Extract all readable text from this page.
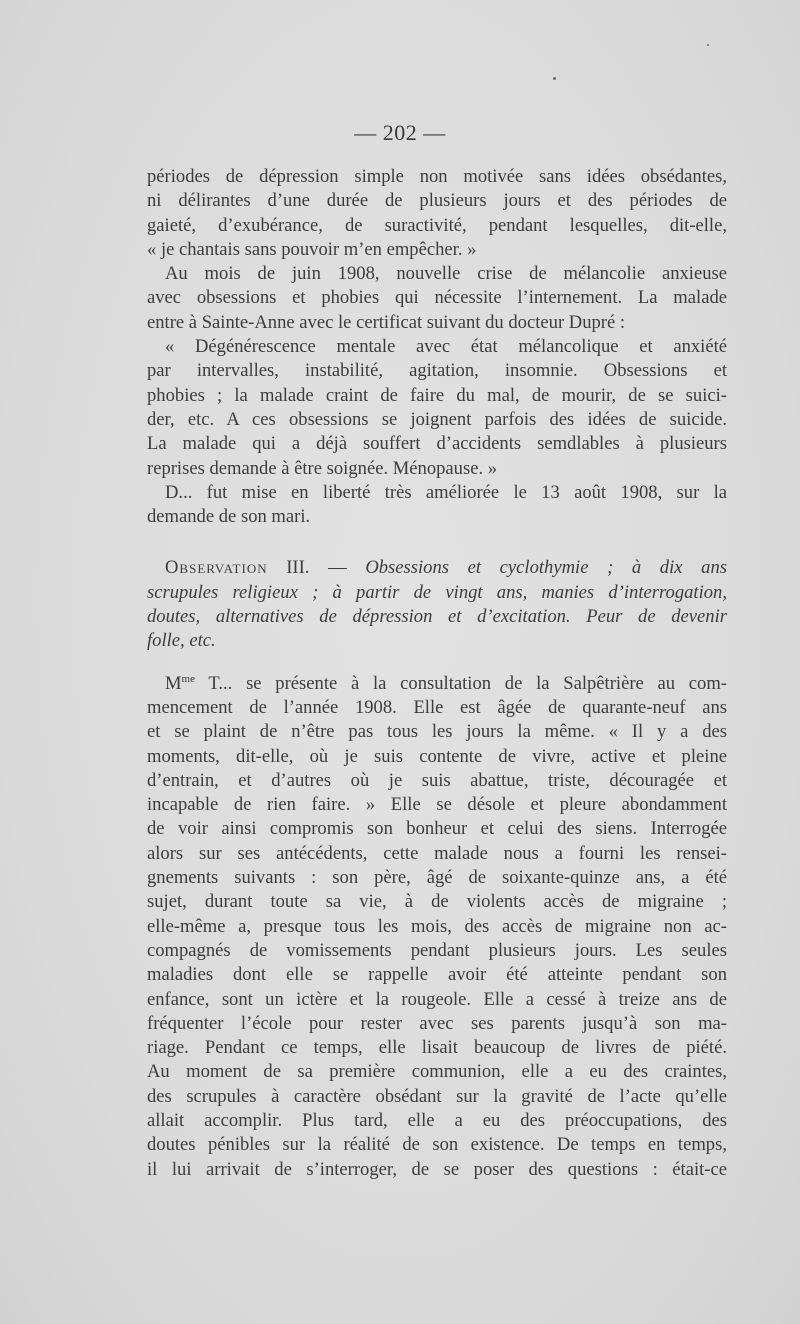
— 202 —
périodes de dépression simple non motivée sans idées obsédantes,
ni délirantes d’une durée de plusieurs jours et des périodes de
gaieté, d’exubérance, de suractivité, pendant lesquelles, dit-elle,
« je chantais sans pouvoir m’en empêcher. »
Au mois de juin 1908, nouvelle crise de mélancolie anxieuse
avec obsessions et phobies qui nécessite l’internement. La malade
entre à Sainte-Anne avec le certificat suivant du docteur Dupré :
« Dégénérescence mentale avec état mélancolique et anxiété
par intervalles, instabilité, agitation, insomnie. Obsessions et
phobies ; la malade craint de faire du mal, de mourir, de se suici-
der, etc. A ces obsessions se joignent parfois des idées de suicide.
La malade qui a déjà souffert d’accidents semdlables à plusieurs
reprises demande à être soignée. Ménopause. »
D... fut mise en liberté très améliorée le 13 août 1908, sur la
demande de son mari.
Observation III. — Obsessions et cyclothymie ; à dix ans
scrupules religieux ; à partir de vingt ans, manies d’interrogation,
doutes, alternatives de dépression et d’excitation. Peur de devenir
folle, etc.
$M^{me}$ T... se présente à la consultation de la Salpêtrière au com-
mencement de l’année 1908. Elle est âgée de quarante-neuf ans
et se plaint de n’être pas tous les jours la même. « Il y a des
moments, dit-elle, où je suis contente de vivre, active et pleine
d’entrain, et d’autres où je suis abattue, triste, découragée et
incapable de rien faire. » Elle se désole et pleure abondamment
de voir ainsi compromis son bonheur et celui des siens. Interrogée
alors sur ses antécédents, cette malade nous a fourni les rensei-
gnements suivants : son père, âgé de soixante-quinze ans, a été
sujet, durant toute sa vie, à de violents accès de migraine ;
elle-même a, presque tous les mois, des accès de migraine non ac-
compagnés de vomissements pendant plusieurs jours. Les seules
maladies dont elle se rappelle avoir été atteinte pendant son
enfance, sont un ictère et la rougeole. Elle a cessé à treize ans de
fréquenter l’école pour rester avec ses parents jusqu’à son ma-
riage. Pendant ce temps, elle lisait beaucoup de livres de piété.
Au moment de sa première communion, elle a eu des craintes,
des scrupules à caractère obsédant sur la gravité de l’acte qu’elle
allait accomplir. Plus tard, elle a eu des préoccupations, des
doutes pénibles sur la réalité de son existence. De temps en temps,
il lui arrivait de s’interroger, de se poser des questions : était-ce
